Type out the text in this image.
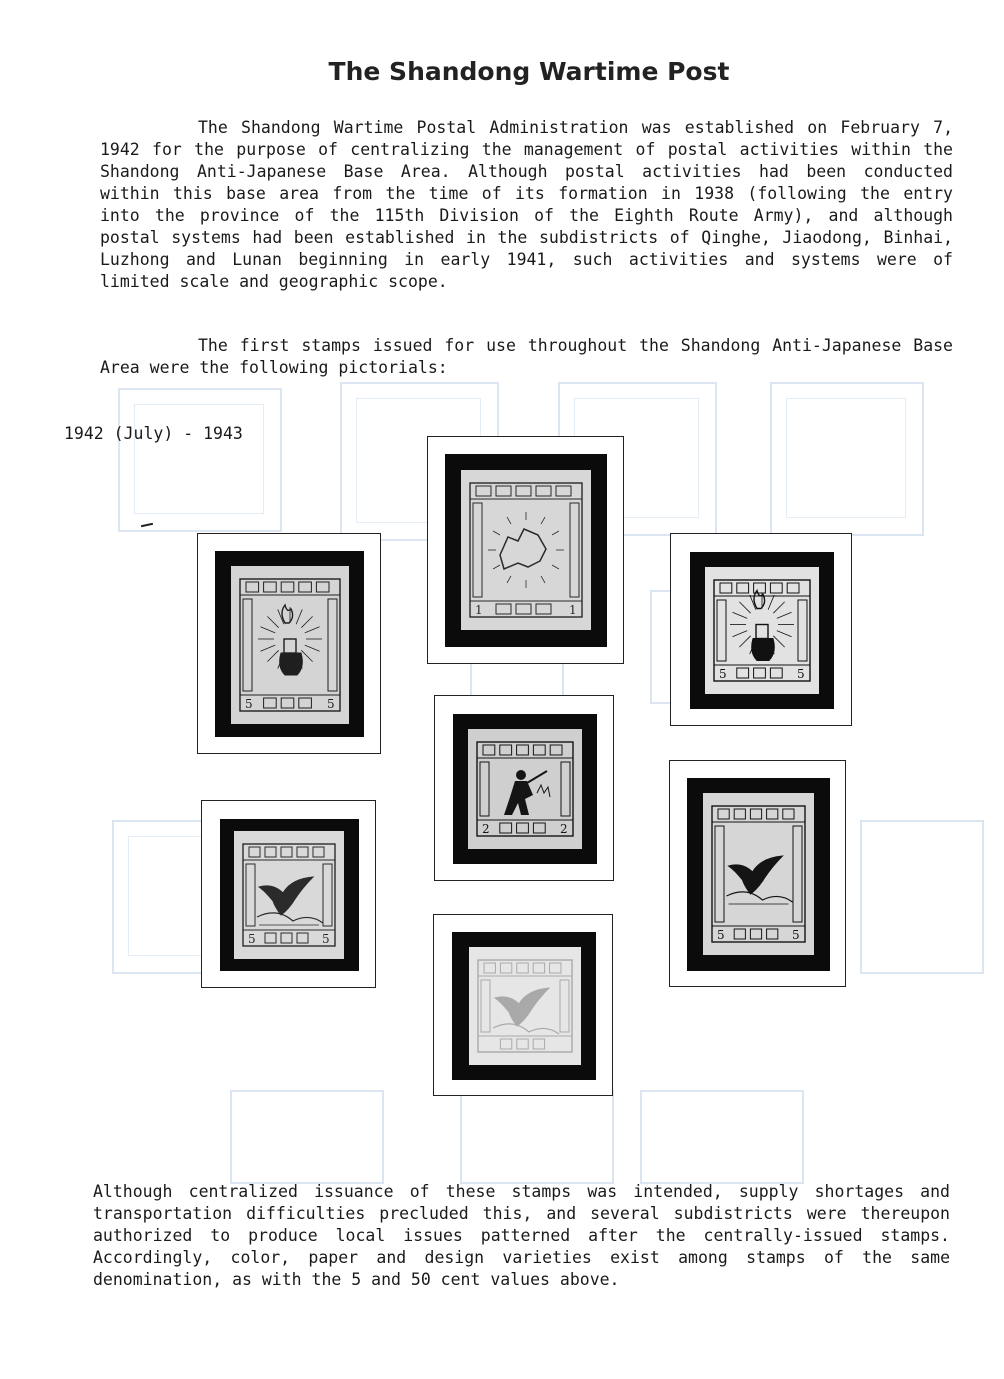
The Shandong Wartime Post

The Shandong Wartime Postal Administration was established on February 7, 1942 for the purpose of centralizing the management of postal activities within the Shandong Anti-Japanese Base Area. Although postal activities had been conducted within this base area from the time of its formation in 1938 (following the entry into the province of the 115th Division of the Eighth Route Army), and although postal systems had been established in the subdistricts of Qinghe, Jiaodong, Binhai, Luzhong and Lunan beginning in early 1941, such activities and systems were of limited scale and geographic scope.

The first stamps issued for use throughout the Shandong Anti-Japanese Base Area were the following pictorials:

1942 (July) - 1943
1	1
5	5
5	5
2	2
5	5	5	5

Although centralized issuance of these stamps was intended, supply shortages and transportation difficulties precluded this, and several subdistricts were thereupon authorized to produce local issues patterned after the centrally-issued stamps. Accordingly, color, paper and design varieties exist among stamps of the same denomination, as with the 5 and 50 cent values above.
